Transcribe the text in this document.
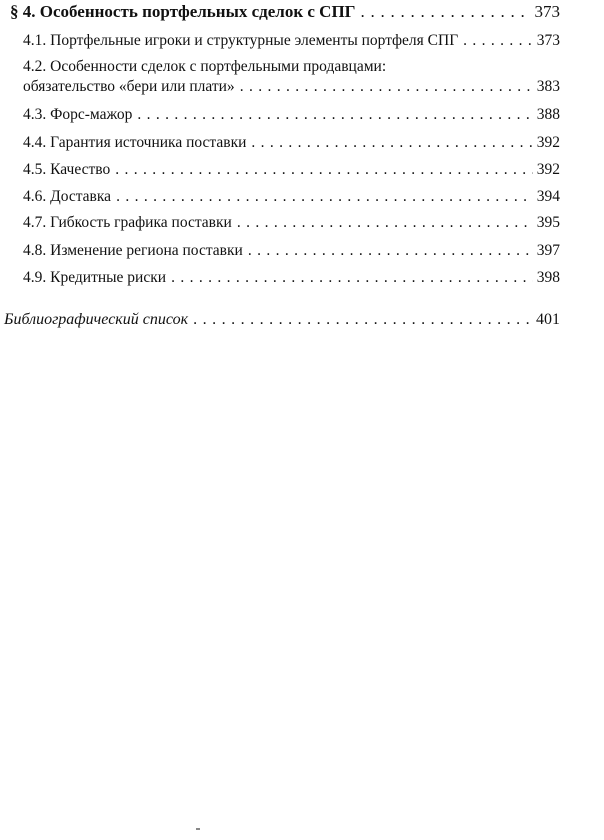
§ 4. Особенность портфельных сделок с СПГ . . .	373
4.1. Портфельные игроки и структурные элементы портфеля СПГ . . .	373
4.2. Особенности сделок с портфельными продавцами:
обязательство «бери или плати» . . .	383
4.3. Форс-мажор . . .	388
4.4. Гарантия источника поставки . . .	392
4.5. Качество . . .	392
4.6. Доставка . . .	394
4.7. Гибкость графика поставки . . .	395
4.8. Изменение региона поставки . . .	397
4.9. Кредитные риски . . .	398
Библиографический список . . .	401
